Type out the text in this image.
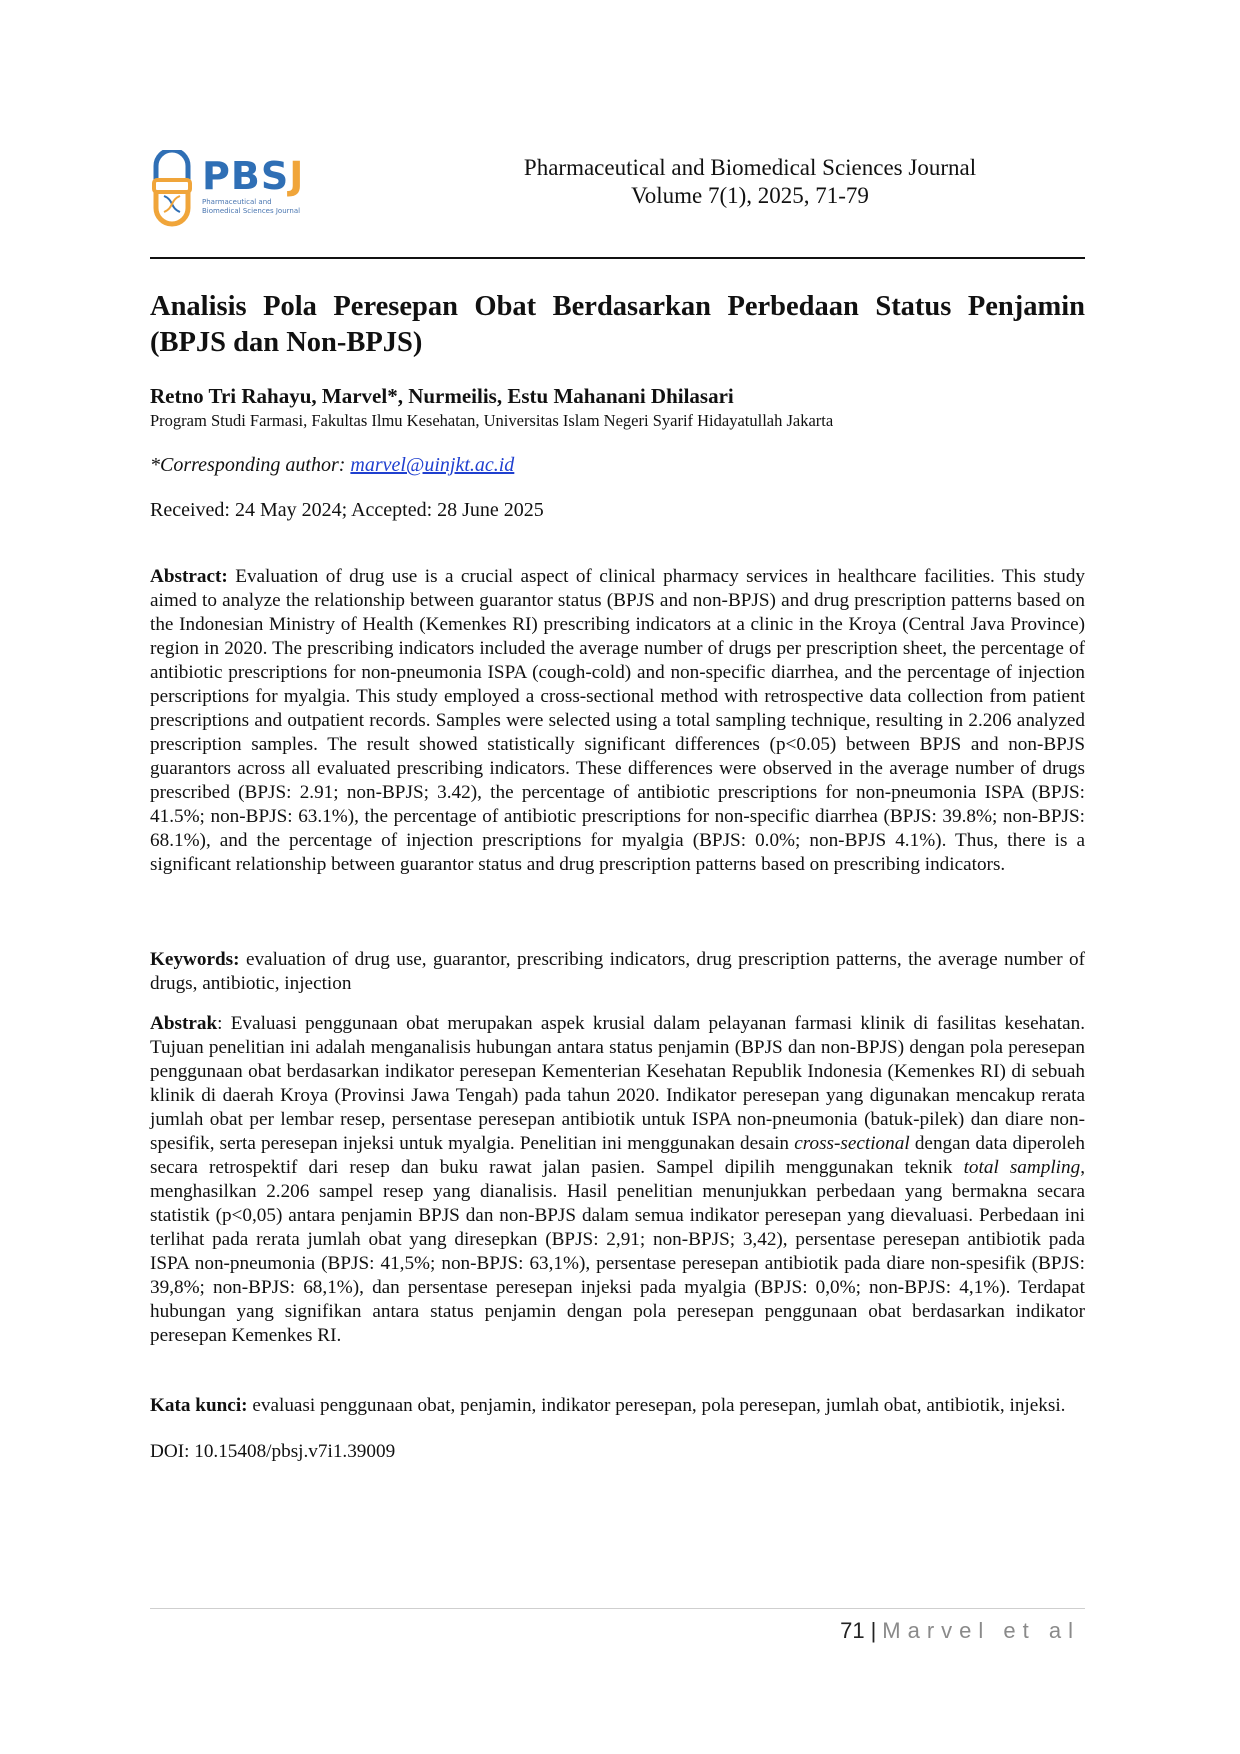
PBSJ
Pharmaceutical and
Biomedical Sciences Journal
Pharmaceutical and Biomedical Sciences Journal
Volume 7(1), 2025, 71-79
Analisis Pola Peresepan Obat Berdasarkan Perbedaan Status Penjamin (BPJS dan Non-BPJS)
Retno Tri Rahayu, Marvel*, Nurmeilis, Estu Mahanani Dhilasari
Program Studi Farmasi, Fakultas Ilmu Kesehatan, Universitas Islam Negeri Syarif Hidayatullah Jakarta
*Corresponding author: marvel@uinjkt.ac.id
Received: 24 May 2024; Accepted: 28 June 2025
Abstract: Evaluation of drug use is a crucial aspect of clinical pharmacy services in healthcare facilities. This study aimed to analyze the relationship between guarantor status (BPJS and non-BPJS) and drug prescription patterns based on the Indonesian Ministry of Health (Kemenkes RI) prescribing indicators at a clinic in the Kroya (Central Java Province) region in 2020. The prescribing indicators included the average number of drugs per prescription sheet, the percentage of antibiotic prescriptions for non-pneumonia ISPA (cough-cold) and non-specific diarrhea, and the percentage of injection perscriptions for myalgia. This study employed a cross-sectional method with retrospective data collection from patient prescriptions and outpatient records. Samples were selected using a total sampling technique, resulting in 2.206 analyzed prescription samples. The result showed statistically significant differences (p<0.05) between BPJS and non-BPJS guarantors across all evaluated prescribing indicators. These differences were observed in the average number of drugs prescribed (BPJS: 2.91; non-BPJS; 3.42), the percentage of antibiotic prescriptions for non-pneumonia ISPA (BPJS: 41.5%; non-BPJS: 63.1%), the percentage of antibiotic prescriptions for non-specific diarrhea (BPJS: 39.8%; non-BPJS: 68.1%), and the percentage of injection prescriptions for myalgia (BPJS: 0.0%; non-BPJS 4.1%). Thus, there is a significant relationship between guarantor status and drug prescription patterns based on prescribing indicators.
Keywords: evaluation of drug use, guarantor, prescribing indicators, drug prescription patterns, the average number of drugs, antibiotic, injection
Abstrak: Evaluasi penggunaan obat merupakan aspek krusial dalam pelayanan farmasi klinik di fasilitas kesehatan. Tujuan penelitian ini adalah menganalisis hubungan antara status penjamin (BPJS dan non-BPJS) dengan pola peresepan penggunaan obat berdasarkan indikator peresepan Kementerian Kesehatan Republik Indonesia (Kemenkes RI) di sebuah klinik di daerah Kroya (Provinsi Jawa Tengah) pada tahun 2020. Indikator peresepan yang digunakan mencakup rerata jumlah obat per lembar resep, persentase peresepan antibiotik untuk ISPA non-pneumonia (batuk-pilek) dan diare non-spesifik, serta peresepan injeksi untuk myalgia. Penelitian ini menggunakan desain cross-sectional dengan data diperoleh secara retrospektif dari resep dan buku rawat jalan pasien. Sampel dipilih menggunakan teknik total sampling, menghasilkan 2.206 sampel resep yang dianalisis. Hasil penelitian menunjukkan perbedaan yang bermakna secara statistik (p<0,05) antara penjamin BPJS dan non-BPJS dalam semua indikator peresepan yang dievaluasi. Perbedaan ini terlihat pada rerata jumlah obat yang diresepkan (BPJS: 2,91; non-BPJS; 3,42), persentase peresepan antibiotik pada ISPA non-pneumonia (BPJS: 41,5%; non-BPJS: 63,1%), persentase peresepan antibiotik pada diare non-spesifik (BPJS: 39,8%; non-BPJS: 68,1%), dan persentase peresepan injeksi pada myalgia (BPJS: 0,0%; non-BPJS: 4,1%). Terdapat hubungan yang signifikan antara status penjamin dengan pola peresepan penggunaan obat berdasarkan indikator peresepan Kemenkes RI.
Kata kunci: evaluasi penggunaan obat, penjamin, indikator peresepan, pola peresepan, jumlah obat, antibiotik, injeksi.
DOI: 10.15408/pbsj.v7i1.39009
71 | Marvel et al
